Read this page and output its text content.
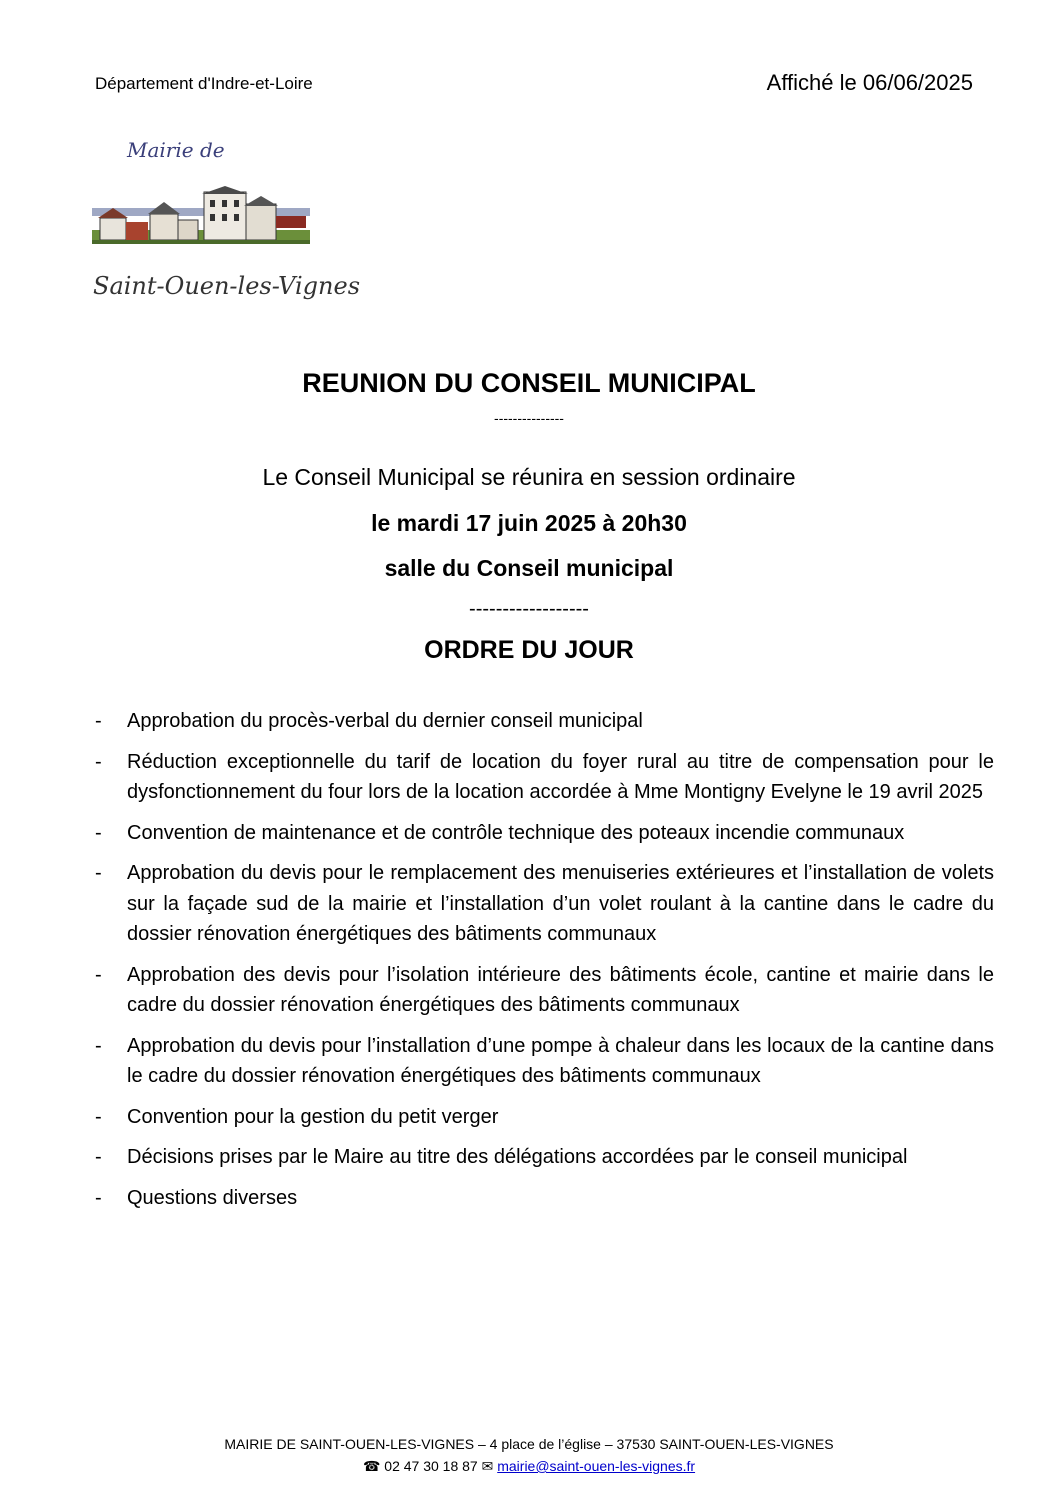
Département d'Indre-et-Loire	Affiché le 06/06/2025
Mairie de
Saint-Ouen-les-Vignes
REUNION DU CONSEIL MUNICIPAL
---------------
Le Conseil Municipal se réunira en session ordinaire
le mardi 17 juin 2025 à 20h30
salle du Conseil municipal
------------------
ORDRE DU JOUR
- Approbation du procès-verbal du dernier conseil municipal
- Réduction exceptionnelle du tarif de location du foyer rural au titre de compensation pour le dysfonctionnement du four lors de la location accordée à Mme Montigny Evelyne le 19 avril 2025
- Convention de maintenance et de contrôle technique des poteaux incendie communaux
- Approbation du devis pour le remplacement des menuiseries extérieures et l’installation de volets sur la façade sud de la mairie et l’installation d’un volet roulant à la cantine dans le cadre du dossier rénovation énergétiques des bâtiments communaux
- Approbation des devis pour l’isolation intérieure des bâtiments école, cantine et mairie dans le cadre du dossier rénovation énergétiques des bâtiments communaux
- Approbation du devis pour l’installation d’une pompe à chaleur dans les locaux de la cantine dans le cadre du dossier rénovation énergétiques des bâtiments communaux
- Convention pour la gestion du petit verger
- Décisions prises par le Maire au titre des délégations accordées par le conseil municipal
- Questions diverses
MAIRIE DE SAINT-OUEN-LES-VIGNES – 4 place de l’église – 37530 SAINT-OUEN-LES-VIGNES
☎ 02 47 30 18 87 ✉ mairie@saint-ouen-les-vignes.fr
